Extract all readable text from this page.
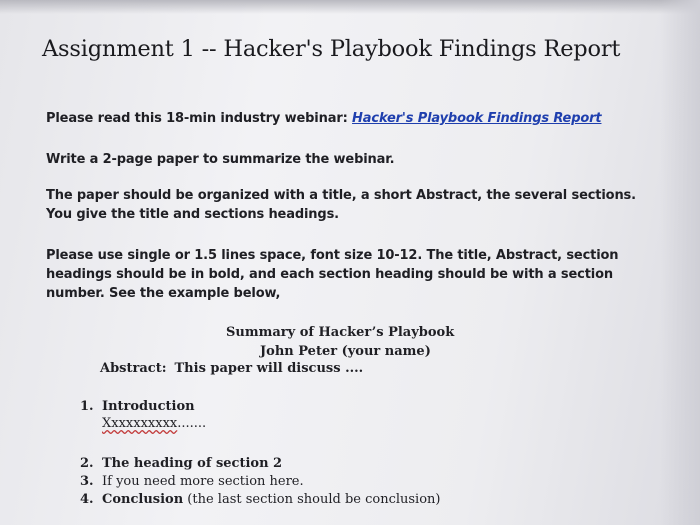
Assignment 1 -- Hacker's Playbook Findings Report

Please read this 18-min industry webinar: Hacker's Playbook Findings Report

Write a 2-page paper to summarize the webinar.

The paper should be organized with a title, a short Abstract, the several sections.
You give the title and sections headings.

Please use single or 1.5 lines space, font size 10-12. The title, Abstract, section headings should be in bold, and each section heading should be with a section number. See the example below,

Summary of Hacker’s Playbook
John Peter (your name)
Abstract: This paper will discuss ....
1. Introduction
Xxxxxxxxxx.......
2. The heading of section 2
3. If you need more section here.
4. Conclusion (the last section should be conclusion)
